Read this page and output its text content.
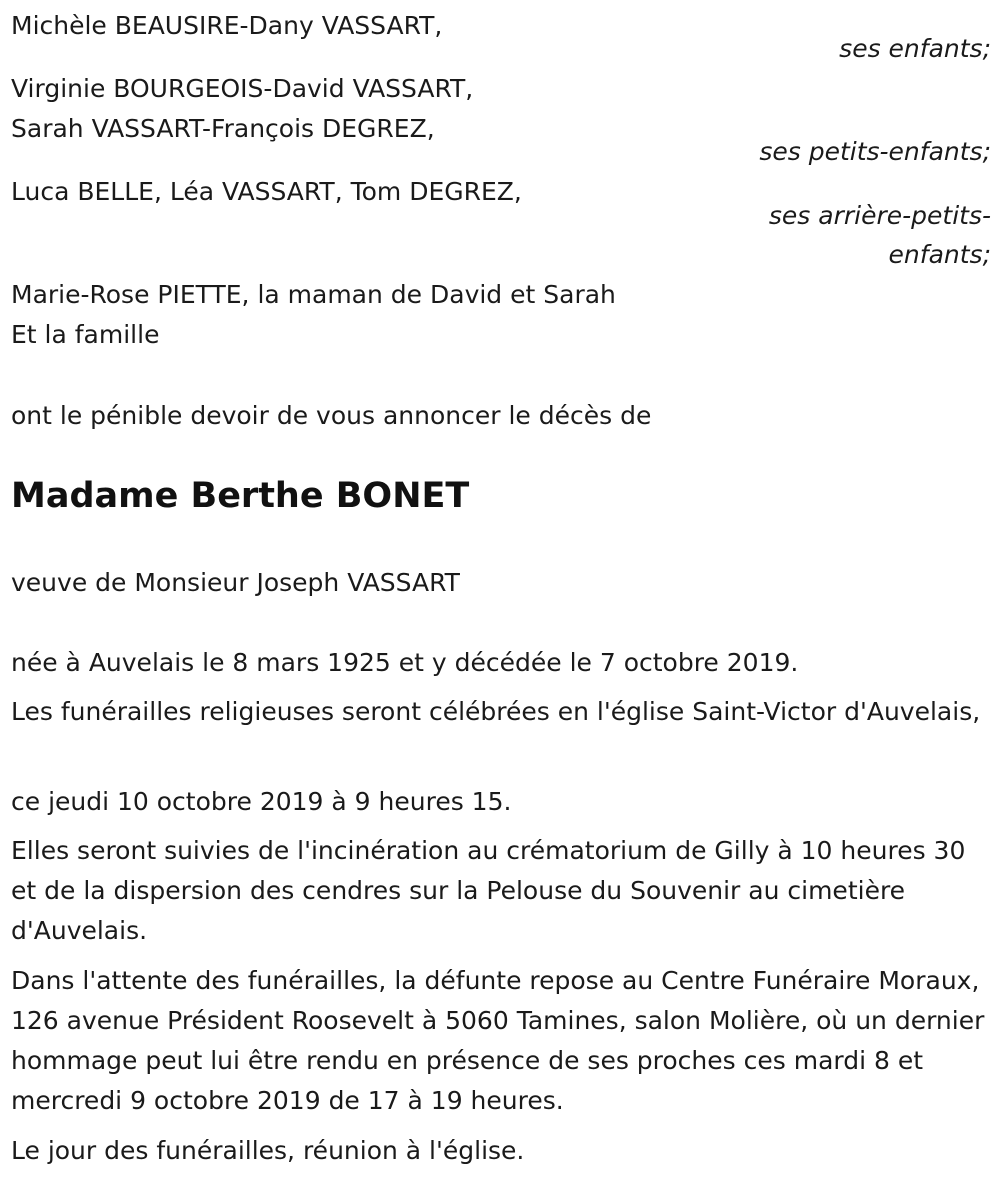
Michèle BEAUSIRE-Dany VASSART,
ses enfants;
Virginie BOURGEOIS-David VASSART,
Sarah VASSART-François DEGREZ,
ses petits-enfants;
Luca BELLE, Léa VASSART, Tom DEGREZ,
ses arrière-petits-
enfants;
Marie-Rose PIETTE, la maman de David et Sarah
Et la famille
ont le pénible devoir de vous annoncer le décès de
Madame Berthe BONET
veuve de Monsieur Joseph VASSART
née à Auvelais le 8 mars 1925 et y décédée le 7 octobre 2019.
Les funérailles religieuses seront célébrées en l'église Saint-Victor d'Auvelais,
ce jeudi 10 octobre 2019 à 9 heures 15.
Elles seront suivies de l'incinération au crématorium de Gilly à 10 heures 30 et de la dispersion des cendres sur la Pelouse du Souvenir au cimetière d'Auvelais.
Dans l'attente des funérailles, la défunte repose au Centre Funéraire Moraux, 126 avenue Président Roosevelt à 5060 Tamines, salon Molière, où un dernier hommage peut lui être rendu en présence de ses proches ces mardi 8 et mercredi 9 octobre 2019 de 17 à 19 heures.
Le jour des funérailles, réunion à l'église.
